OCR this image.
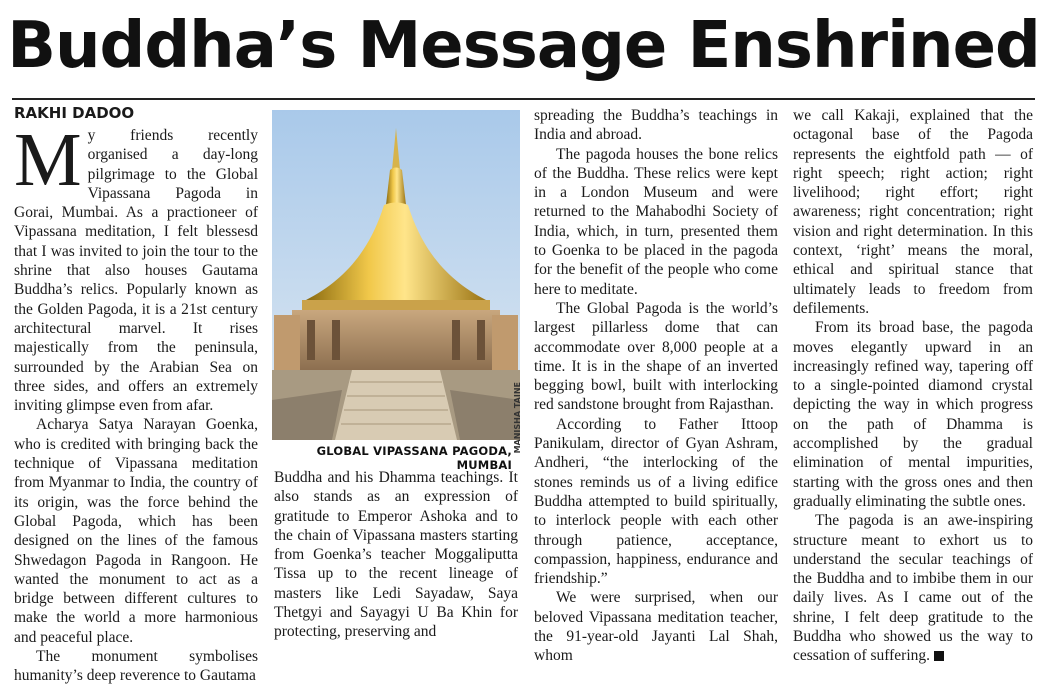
Buddha’s Message Enshrined
RAKHI DADOO

My friends recently organised a day-long pilgrimage to the Global Vipassana Pagoda in Gorai, Mumbai. As a practioneer of Vipassana meditation, I felt blessesd that I was invited to join the tour to the shrine that also houses Gautama Buddha’s relics. Popularly known as the Golden Pagoda, it is a 21st century architectural marvel. It rises majestically from the peninsula, surrounded by the Arabian Sea on three sides, and offers an extremely inviting glimpse even from afar.

Acharya Satya Narayan Goenka, who is credited with bringing back the technique of Vipassana meditation from Myanmar to India, the country of its origin, was the force behind the Global Pagoda, which has been designed on the lines of the famous Shwedagon Pagoda in Rangoon. He wanted the monument to act as a bridge between different cultures to make the world a more harmonious and peaceful place.

The monument symbolises humanity’s deep reverence to Gautama

MANISHA TAINE
GLOBAL VIPASSANA PAGODA, MUMBAI

Buddha and his Dhamma teachings. It also stands as an expression of gratitude to Emperor Ashoka and to the chain of Vipassana masters starting from Goenka’s teacher Moggaliputta Tissa up to the recent lineage of masters like Ledi Sayadaw, Saya Thetgyi and Sayagyi U Ba Khin for protecting, preserving and

spreading the Buddha’s teachings in India and abroad.

The pagoda houses the bone relics of the Buddha. These relics were kept in a London Museum and were returned to the Mahabodhi Society of India, which, in turn, presented them to Goenka to be placed in the pagoda for the benefit of the people who come here to meditate.

The Global Pagoda is the world’s largest pillarless dome that can accommodate over 8,000 people at a time. It is in the shape of an inverted begging bowl, built with interlocking red sandstone brought from Rajasthan.

According to Father Ittoop Panikulam, director of Gyan Ashram, Andheri, “the interlocking of the stones reminds us of a living edifice Buddha attempted to build spiritually, to interlock people with each other through patience, acceptance, compassion, happiness, endurance and friendship.”

We were surprised, when our beloved Vipassana meditation teacher, the 91-year-old Jayanti Lal Shah, whom

we call Kakaji, explained that the octagonal base of the Pagoda represents the eightfold path — of right speech; right action; right livelihood; right effort; right awareness; right concentration; right vision and right determination. In this context, ‘right’ means the moral, ethical and spiritual stance that ultimately leads to freedom from defilements.

From its broad base, the pagoda moves elegantly upward in an increasingly refined way, tapering off to a single-pointed diamond crystal depicting the way in which progress on the path of Dhamma is accomplished by the gradual elimination of mental impurities, starting with the gross ones and then gradually eliminating the subtle ones.

The pagoda is an awe-inspiring structure meant to exhort us to understand the secular teachings of the Buddha and to imbibe them in our daily lives. As I came out of the shrine, I felt deep gratitude to the Buddha who showed us the way to cessation of suffering.
